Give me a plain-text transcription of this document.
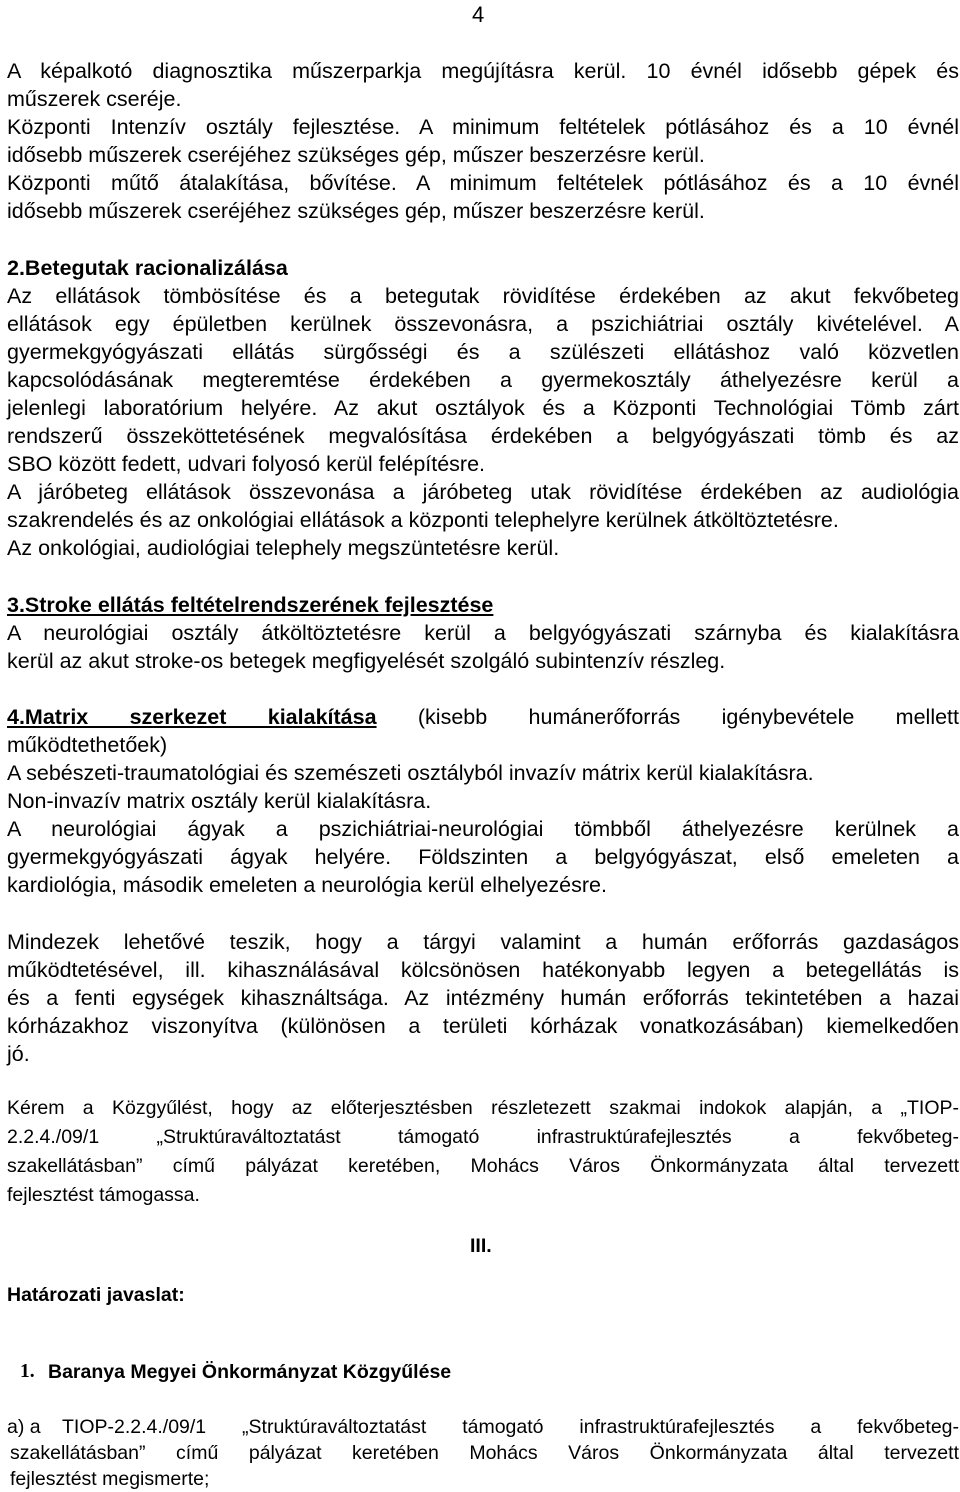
4
A képalkotó diagnosztika műszerparkja megújításra kerül. 10 évnél idősebb gépek és
műszerek cseréje.
Központi Intenzív osztály fejlesztése. A minimum feltételek pótlásához és a 10 évnél
idősebb műszerek cseréjéhez szükséges gép, műszer beszerzésre kerül.
Központi műtő átalakítása, bővítése. A minimum feltételek pótlásához és a 10 évnél
idősebb műszerek cseréjéhez szükséges gép, műszer beszerzésre kerül.
2.Betegutak racionalizálása
Az ellátások tömbösítése és a betegutak rövidítése érdekében az akut fekvőbeteg
ellátások egy épületben kerülnek összevonásra, a pszichiátriai osztály kivételével. A
gyermekgyógyászati ellátás sürgősségi és a szülészeti ellátáshoz való közvetlen
kapcsolódásának megteremtése érdekében a gyermekosztály áthelyezésre kerül a
jelenlegi laboratórium helyére. Az akut osztályok és a Központi Technológiai Tömb zárt
rendszerű összeköttetésének megvalósítása érdekében a belgyógyászati tömb és az
SBO között fedett, udvari folyosó kerül felépítésre.
A járóbeteg ellátások összevonása a járóbeteg utak rövidítése érdekében az audiológia
szakrendelés és az onkológiai ellátások a központi telephelyre kerülnek átköltöztetésre.
Az onkológiai, audiológiai telephely megszüntetésre kerül.
3.Stroke ellátás feltételrendszerének fejlesztése
A neurológiai osztály átköltöztetésre kerül a belgyógyászati szárnyba és kialakításra
kerül az akut stroke-os betegek megfigyelését szolgáló subintenzív részleg.
4.Matrix szerkezet kialakítása (kisebb humánerőforrás igénybevétele mellett
működtethetőek)
A sebészeti-traumatológiai és szemészeti osztályból invazív mátrix kerül kialakításra.
Non-invazív matrix osztály kerül kialakításra.
A neurológiai ágyak a pszichiátriai-neurológiai tömbből áthelyezésre kerülnek a
gyermekgyógyászati ágyak helyére. Földszinten a belgyógyászat, első emeleten a
kardiológia, második emeleten a neurológia kerül elhelyezésre.
Mindezek lehetővé teszik, hogy a tárgyi valamint a humán erőforrás gazdaságos
működtetésével, ill. kihasználásával kölcsönösen hatékonyabb legyen a betegellátás is
és a fenti egységek kihasználtsága. Az intézmény humán erőforrás tekintetében a hazai
kórházakhoz viszonyítva (különösen a területi kórházak vonatkozásában) kiemelkedően
jó.
Kérem a Közgyűlést, hogy az előterjesztésben részletezett szakmai indokok alapján, a „TIOP-
2.2.4./09/1 „Struktúraváltoztatást támogató infrastruktúrafejlesztés a fekvőbeteg-
szakellátásban” című pályázat keretében, Mohács Város Önkormányzata által tervezett
fejlesztést támogassa.
III.
Határozati javaslat:
1. Baranya Megyei Önkormányzat Közgyűlése
a) a TIOP-2.2.4./09/1 „Struktúraváltoztatást támogató infrastruktúrafejlesztés a fekvőbeteg-
szakellátásban” című pályázat keretében Mohács Város Önkormányzata által tervezett
fejlesztést megismerte;
